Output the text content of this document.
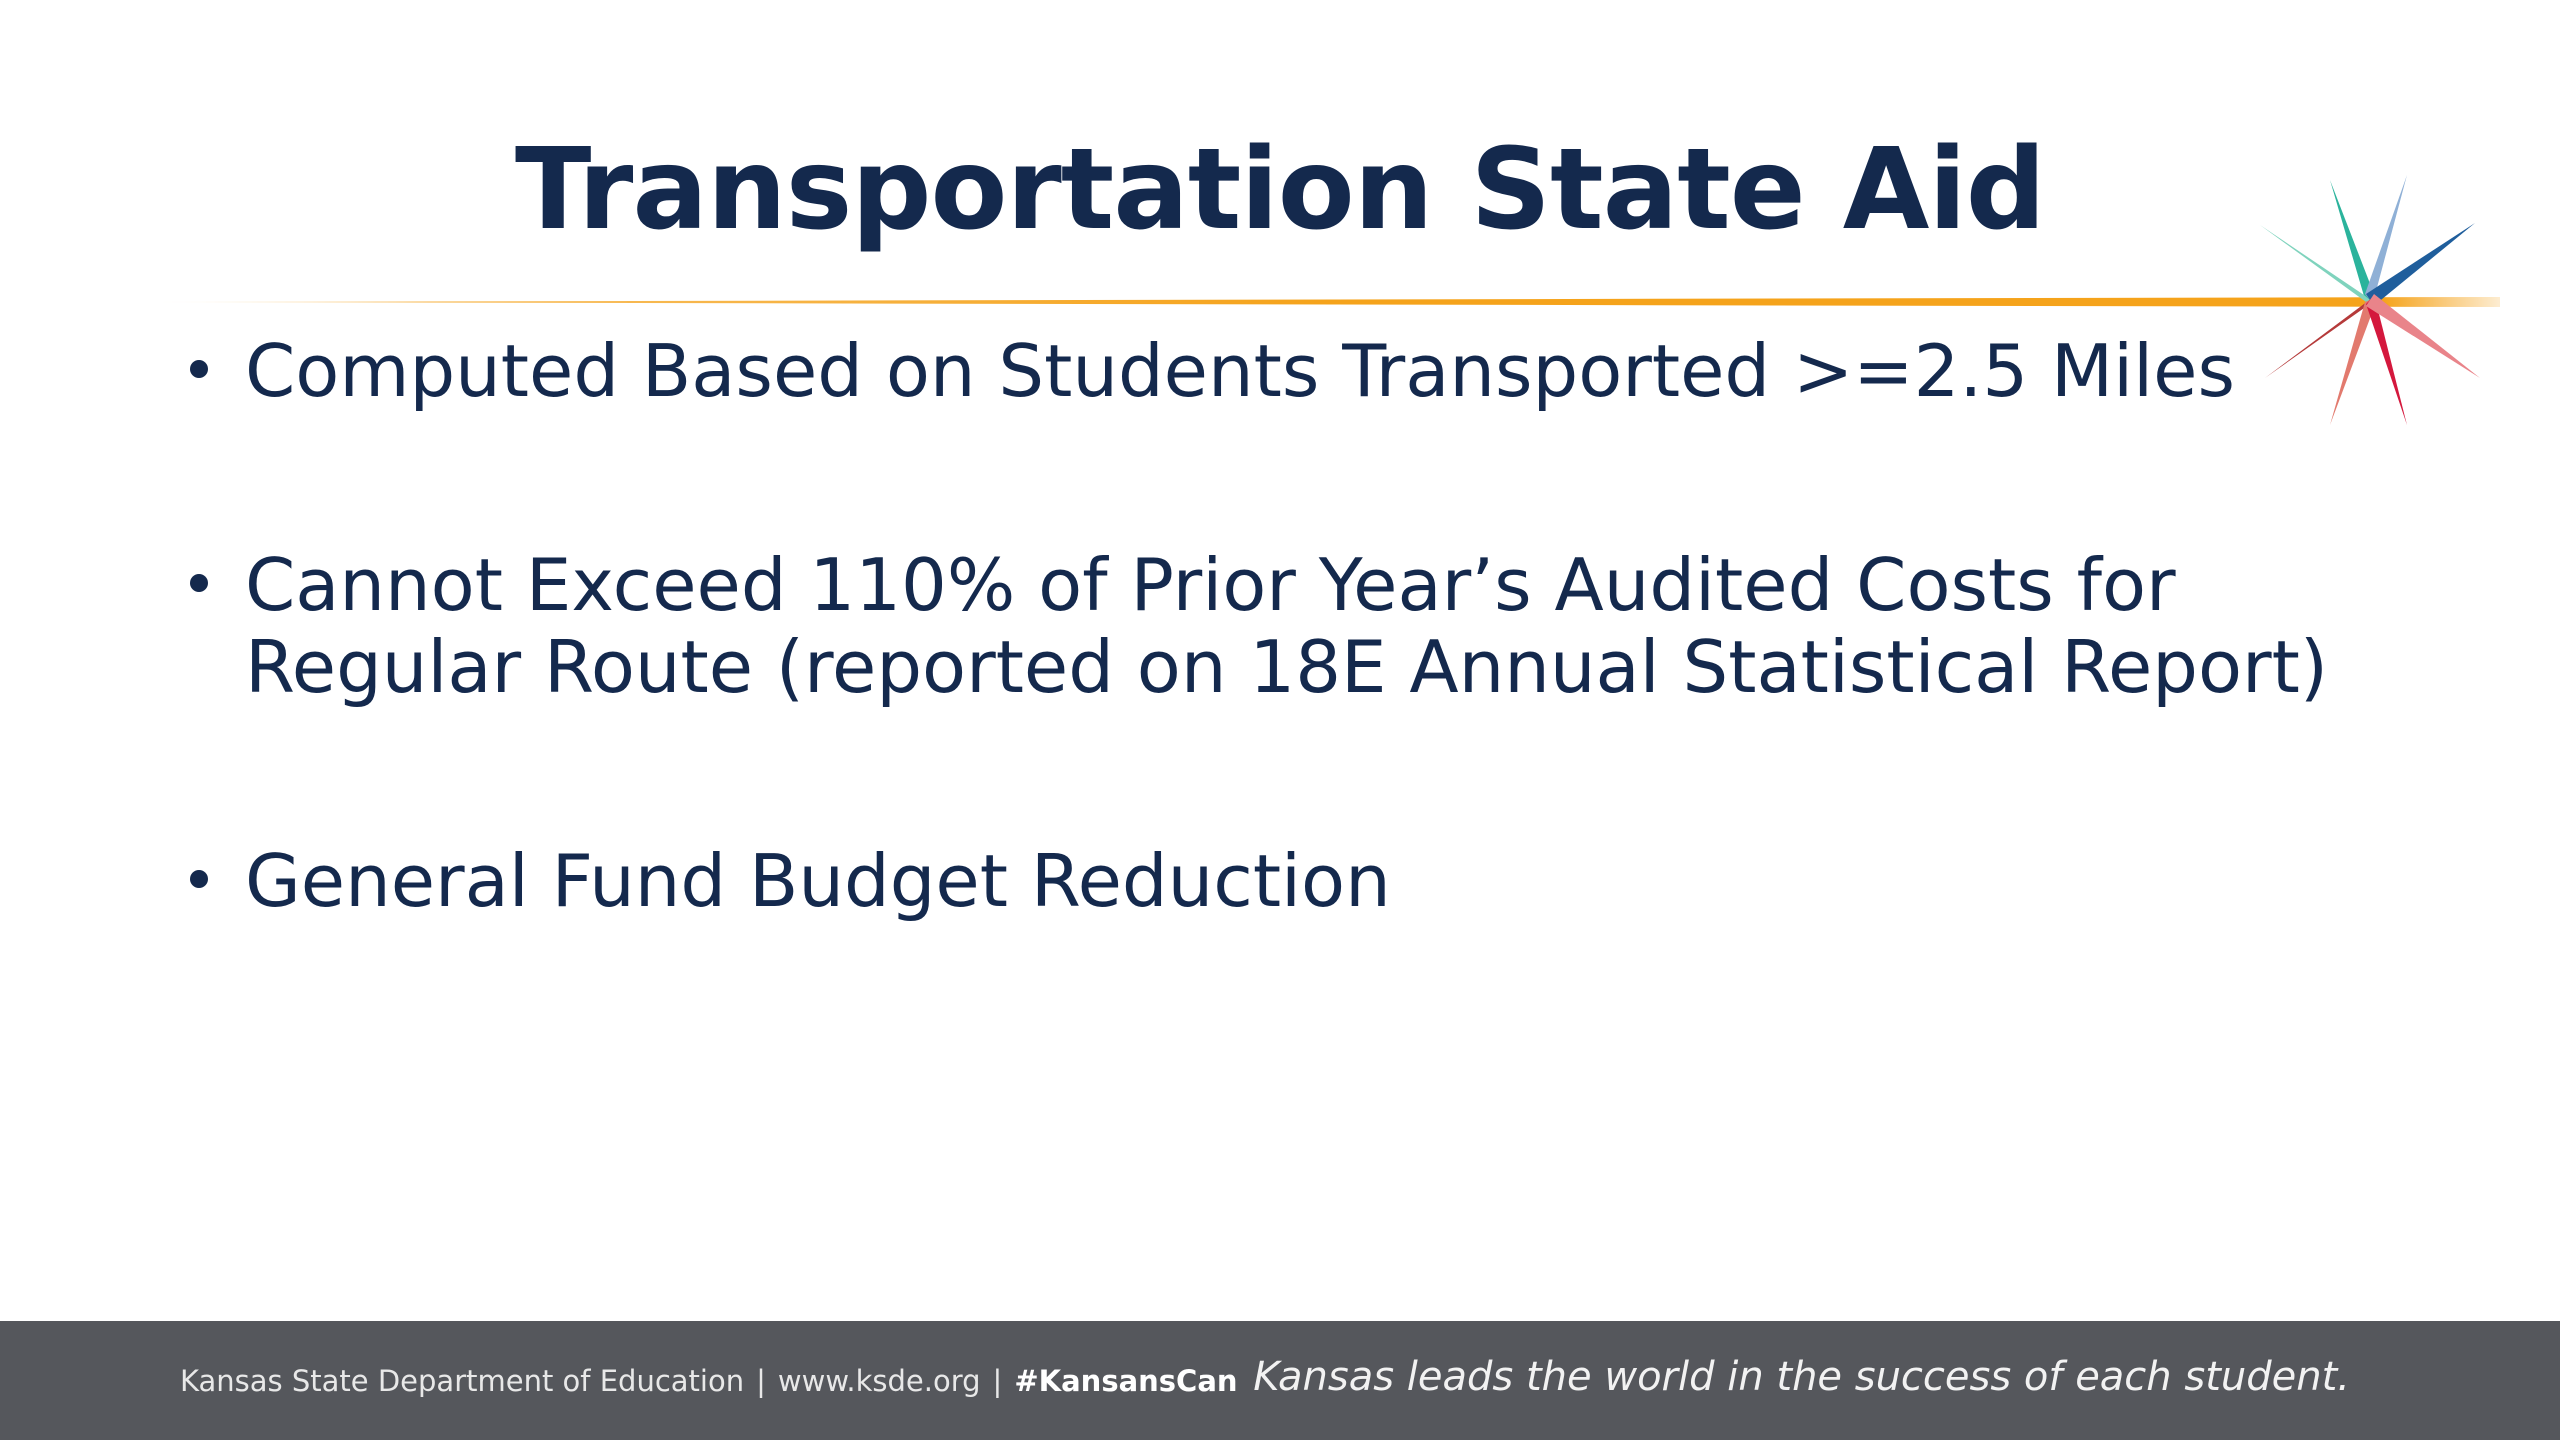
Transportation State Aid
Computed Based on Students Transported >=2.5 Miles
Cannot Exceed 110% of Prior Year’s Audited Costs for
Regular Route (reported on 18E Annual Statistical Report)
General Fund Budget Reduction
Kansas State Department of Education | www.ksde.org | #KansansCan Kansas leads the world in the success of each student.
